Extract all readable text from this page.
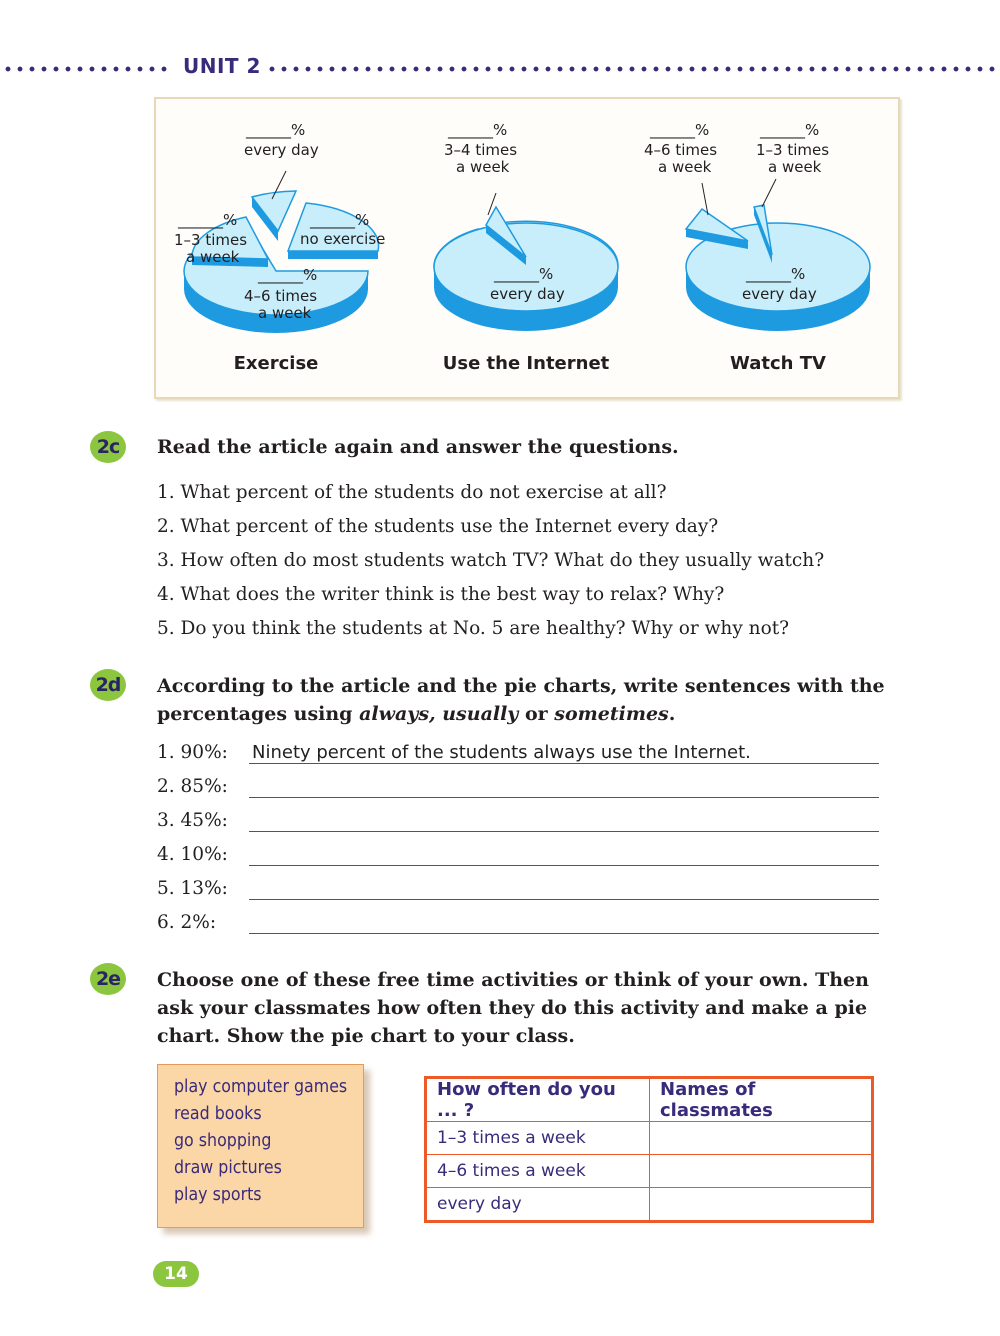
UNIT 2
______%
every day
______%
1–3 times
a week
______%
no exercise
______%
4–6 times
a week
Exercise
______%
3–4 times
a week
______%
every day
Use the Internet
______%
4–6 times
a week
______%
1–3 times
a week
______%
every day
Watch TV
2c	Read the article again and answer the questions.
1. What percent of the students do not exercise at all?
2. What percent of the students use the Internet every day?
3. How often do most students watch TV? What do they usually watch?
4. What does the writer think is the best way to relax? Why?
5. Do you think the students at No. 5 are healthy? Why or why not?
2d According to the article and the pie charts, write sentences with the percentages using always, usually or sometimes.
1. 90%: Ninety percent of the students always use the Internet.
2. 85%:
3. 45%:
4. 10%:
5. 13%:
6. 2%:
2e	Choose one of these free time activities or think of your own. Then ask your classmates how often they do this activity and make a pie chart. Show the pie chart to your class.
play computer games
read books
go shopping
draw pictures
play sports
How often do you ... ?	Names of classmates
1–3 times a week	
4–6 times a week	
every day	
14
